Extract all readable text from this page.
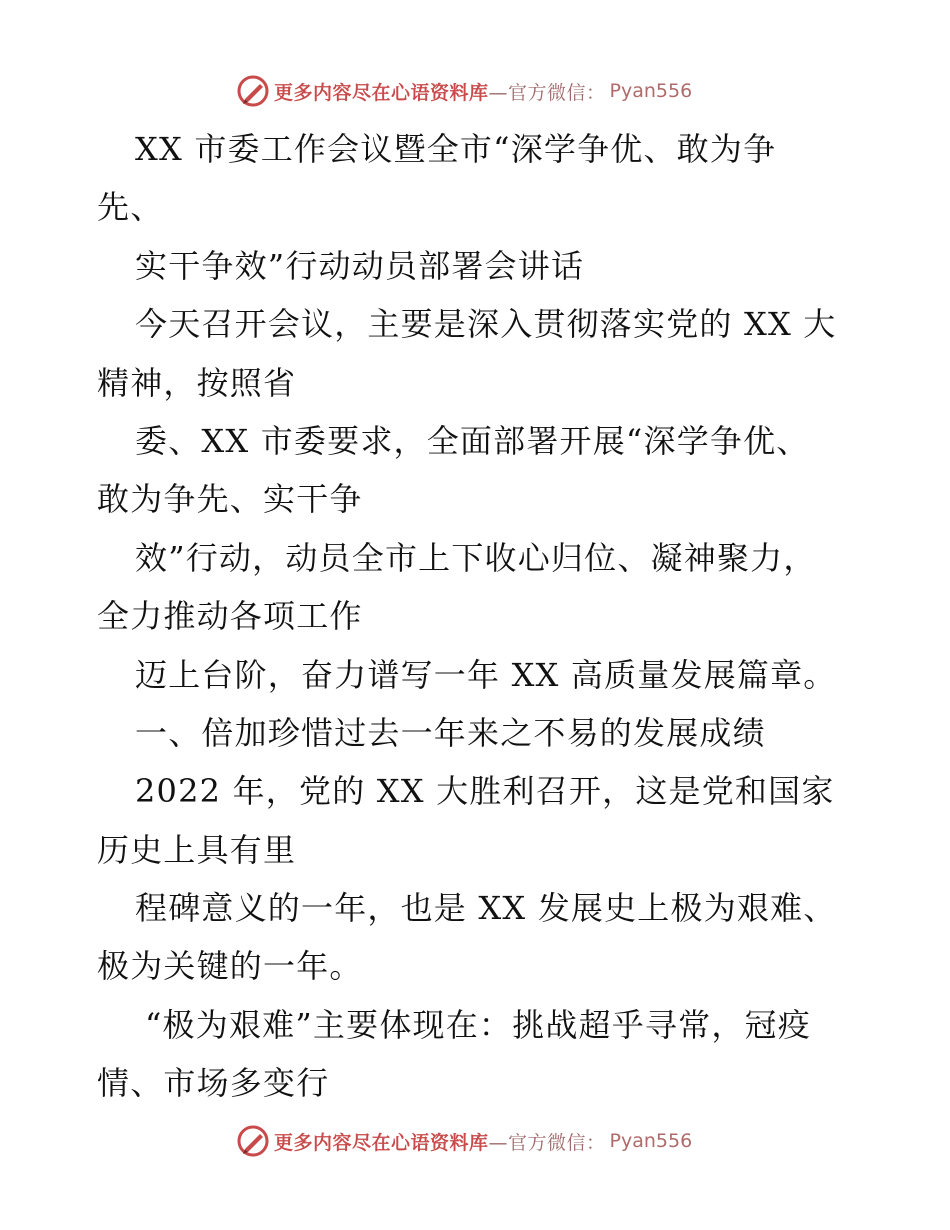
更多内容尽在心语资料库 —官方微信： Pyan556
XX 市委工作会议暨全市“深学争优、敢为争
先、
实干争效”行动动员部署会讲话
今天召开会议，主要是深入贯彻落实党的 XX 大
精神，按照省
委、XX 市委要求，全面部署开展“深学争优、
敢为争先、实干争
效”行动，动员全市上下收心归位、凝神聚力，
全力推动各项工作
迈上台阶，奋力谱写一年 XX 高质量发展篇章。
一、倍加珍惜过去一年来之不易的发展成绩
2022 年，党的 XX 大胜利召开，这是党和国家
历史上具有里
程碑意义的一年，也是 XX 发展史上极为艰难、
极为关键的一年。
“极为艰难”主要体现在：挑战超乎寻常，冠疫
情、市场多变行
更多内容尽在心语资料库 —官方微信： Pyan556
